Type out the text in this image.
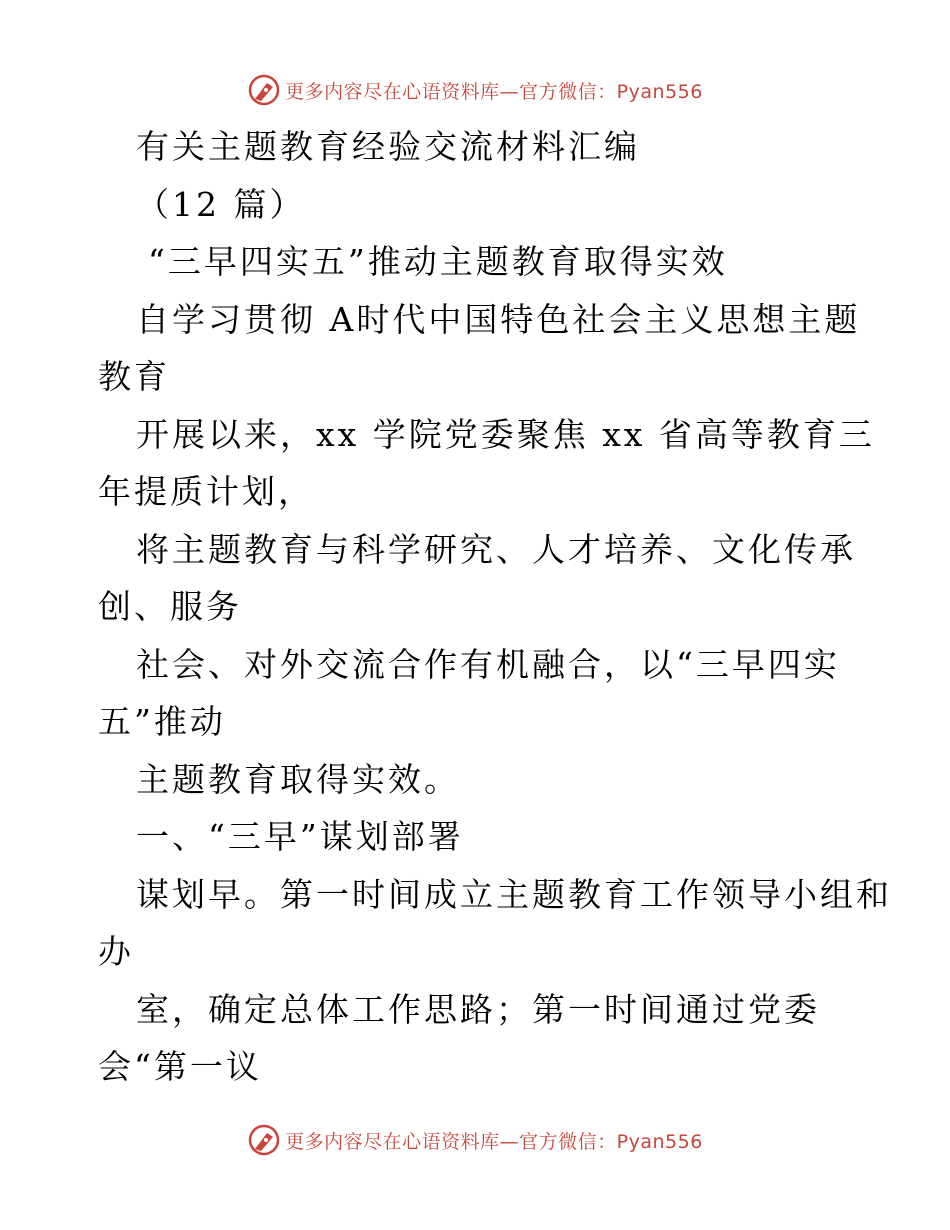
更多内容尽在心语资料库—官方微信：Pyan556
有关主题教育经验交流材料汇编
（12 篇）
“三早四实五”推动主题教育取得实效
自学习贯彻 A时代中国特色社会主义思想主题
教育
开展以来，xx 学院党委聚焦 xx 省高等教育三
年提质计划，
将主题教育与科学研究、人才培养、文化传承
创、服务
社会、对外交流合作有机融合，以“三早四实
五”推动
主题教育取得实效。
一、“三早”谋划部署
谋划早。第一时间成立主题教育工作领导小组和
办
室，确定总体工作思路；第一时间通过党委
会“第一议
更多内容尽在心语资料库—官方微信：Pyan556
